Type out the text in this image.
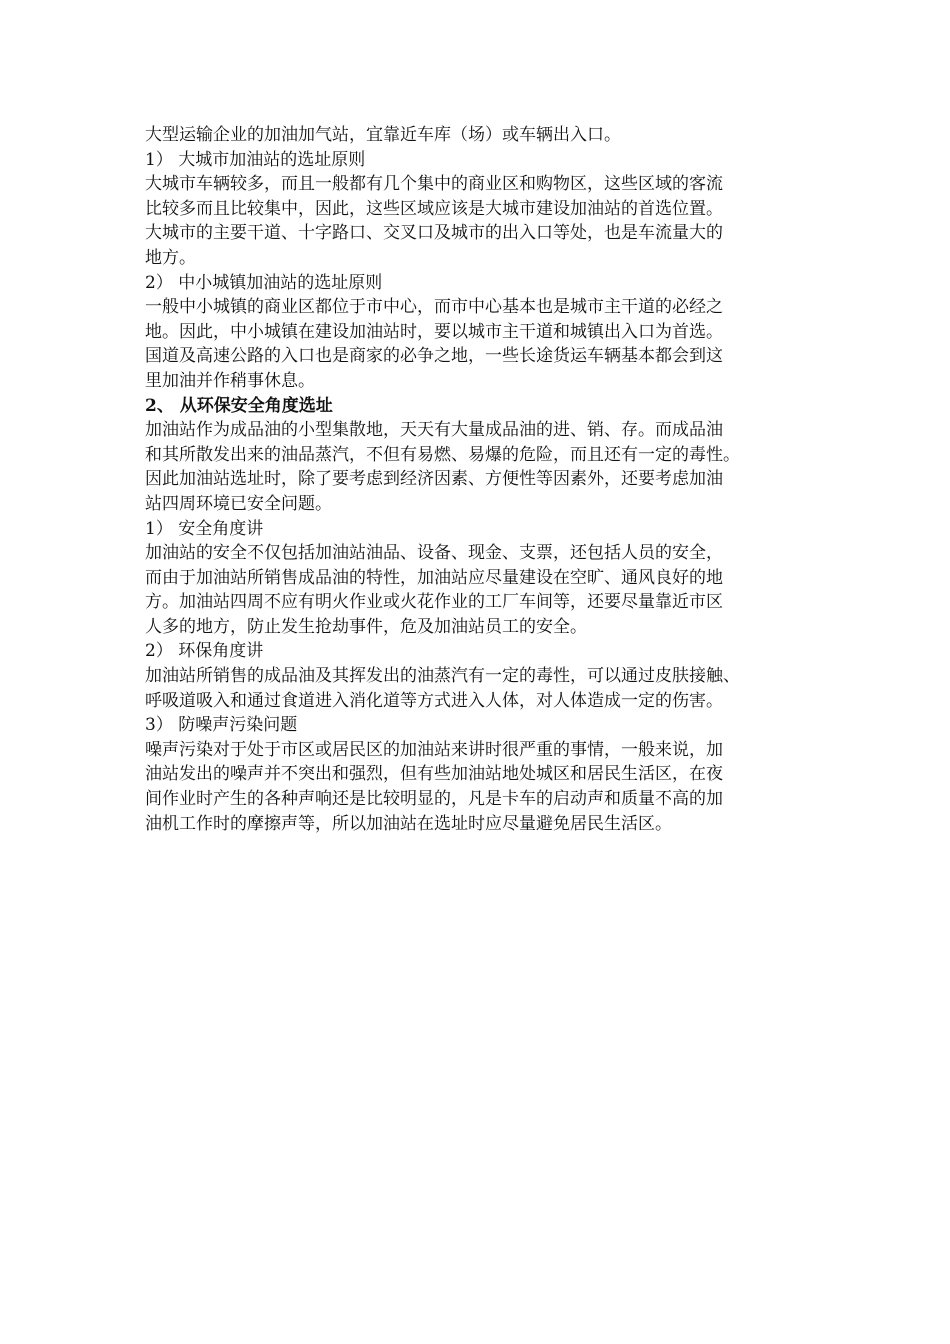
大型运输企业的加油加气站，宜靠近车库（场）或车辆出入口。
1） 大城市加油站的选址原则
大城市车辆较多，而且一般都有几个集中的商业区和购物区，这些区域的客流
比较多而且比较集中，因此，这些区域应该是大城市建设加油站的首选位置。
大城市的主要干道、十字路口、交叉口及城市的出入口等处，也是车流量大的
地方。
2） 中小城镇加油站的选址原则
一般中小城镇的商业区都位于市中心，而市中心基本也是城市主干道的必经之
地。因此，中小城镇在建设加油站时，要以城市主干道和城镇出入口为首选。
国道及高速公路的入口也是商家的必争之地，一些长途货运车辆基本都会到这
里加油并作稍事休息。
2、 从环保安全角度选址
加油站作为成品油的小型集散地，天天有大量成品油的进、销、存。而成品油
和其所散发出来的油品蒸汽，不但有易燃、易爆的危险，而且还有一定的毒性。
因此加油站选址时，除了要考虑到经济因素、方便性等因素外，还要考虑加油
站四周环境已安全问题。
1） 安全角度讲
加油站的安全不仅包括加油站油品、设备、现金、支票，还包括人员的安全，
而由于加油站所销售成品油的特性，加油站应尽量建设在空旷、通风良好的地
方。加油站四周不应有明火作业或火花作业的工厂车间等，还要尽量靠近市区
人多的地方，防止发生抢劫事件，危及加油站员工的安全。
2） 环保角度讲
加油站所销售的成品油及其挥发出的油蒸汽有一定的毒性，可以通过皮肤接触、
呼吸道吸入和通过食道进入消化道等方式进入人体，对人体造成一定的伤害。
3） 防噪声污染问题
噪声污染对于处于市区或居民区的加油站来讲时很严重的事情，一般来说，加
油站发出的噪声并不突出和强烈，但有些加油站地处城区和居民生活区，在夜
间作业时产生的各种声响还是比较明显的，凡是卡车的启动声和质量不高的加
油机工作时的摩擦声等，所以加油站在选址时应尽量避免居民生活区。
